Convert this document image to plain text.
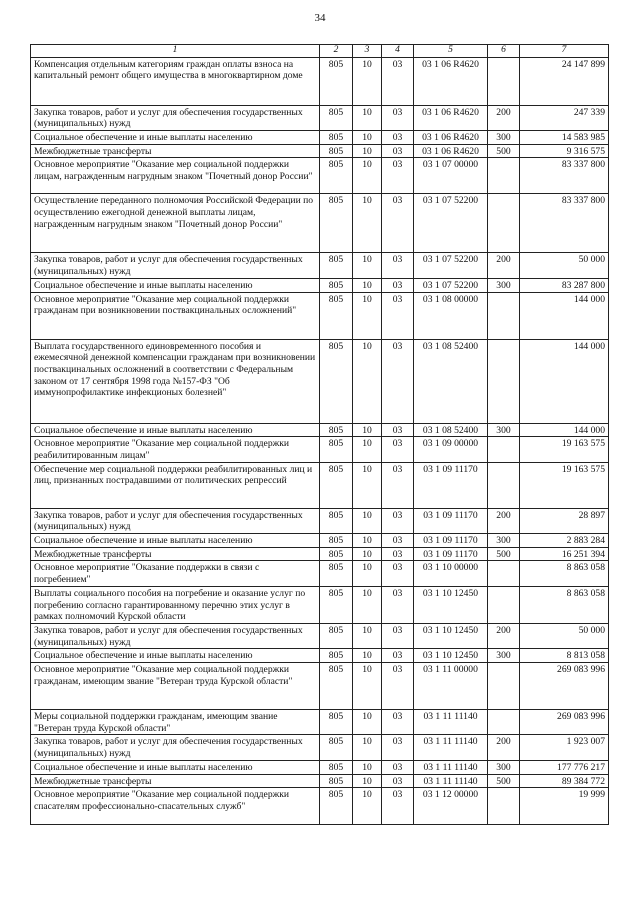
34
1	2	3	4	5	6	7
Компенсация отдельным категориям граждан оплаты взноса на капитальный ремонт общего имущества в многоквартирном доме	805	10	03	03 1 06 R4620		24 147 899
Закупка товаров, работ и услуг для обеспечения государственных (муниципальных) нужд	805	10	03	03 1 06 R4620	200	247 339
Социальное обеспечение и иные выплаты населению	805	10	03	03 1 06 R4620	300	14 583 985
Межбюджетные трансферты	805	10	03	03 1 06 R4620	500	9 316 575
Основное мероприятие "Оказание мер социальной поддержки лицам, награжденным нагрудным знаком "Почетный донор России"	805	10	03	03 1 07 00000		83 337 800
Осуществление переданного полномочия Российской Федерации по осуществлению ежегодной денежной выплаты лицам, награжденным нагрудным знаком "Почетный донор России"	805	10	03	03 1 07 52200		83 337 800
Закупка товаров, работ и услуг для обеспечения государственных (муниципальных) нужд	805	10	03	03 1 07 52200	200	50 000
Социальное обеспечение и иные выплаты населению	805	10	03	03 1 07 52200	300	83 287 800
Основное мероприятие "Оказание мер социальной поддержки гражданам при возникновении поствакцинальных осложнений"	805	10	03	03 1 08 00000		144 000
Выплата государственного единовременного пособия и ежемесячной денежной компенсации гражданам при возникновении поствакцинальных осложнений в соответствии с Федеральным законом от 17 сентября 1998 года №157-ФЗ "Об иммунопрофилактике инфекционых болезней"	805	10	03	03 1 08 52400		144 000
Социальное обеспечение и иные выплаты населению	805	10	03	03 1 08 52400	300	144 000
Основное мероприятие "Оказание мер социальной поддержки реабилитированным лицам"	805	10	03	03 1 09 00000		19 163 575
Обеспечение мер социальной поддержки реабилитированных лиц и лиц, признанных пострадавшими от политических репрессий	805	10	03	03 1 09 11170		19 163 575
Закупка товаров, работ и услуг для обеспечения государственных (муниципальных) нужд	805	10	03	03 1 09 11170	200	28 897
Социальное обеспечение и иные выплаты населению	805	10	03	03 1 09 11170	300	2 883 284
Межбюджетные трансферты	805	10	03	03 1 09 11170	500	16 251 394
Основное мероприятие "Оказание поддержки в связи с погребением"	805	10	03	03 1 10 00000		8 863 058
Выплаты социального пособия на погребение и оказание услуг по погребению согласно гарантированному перечню этих услуг в рамках полномочий Курской области	805	10	03	03 1 10 12450		8 863 058
Закупка товаров, работ и услуг для обеспечения государственных (муниципальных) нужд	805	10	03	03 1 10 12450	200	50 000
Социальное обеспечение и иные выплаты населению	805	10	03	03 1 10 12450	300	8 813 058
Основное мероприятие "Оказание мер социальной поддержки гражданам, имеющим звание "Ветеран труда Курской области"	805	10	03	03 1 11 00000		269 083 996
Меры социальной поддержки гражданам, имеющим звание "Ветеран труда Курской области"	805	10	03	03 1 11 11140		269 083 996
Закупка товаров, работ и услуг для обеспечения государственных (муниципальных) нужд	805	10	03	03 1 11 11140	200	1 923 007
Социальное обеспечение и иные выплаты населению	805	10	03	03 1 11 11140	300	177 776 217
Межбюджетные трансферты	805	10	03	03 1 11 11140	500	89 384 772
Основное мероприятие "Оказание мер социальной поддержки спасателям профессионально-спасательных служб"	805	10	03	03 1 12 00000		19 999
